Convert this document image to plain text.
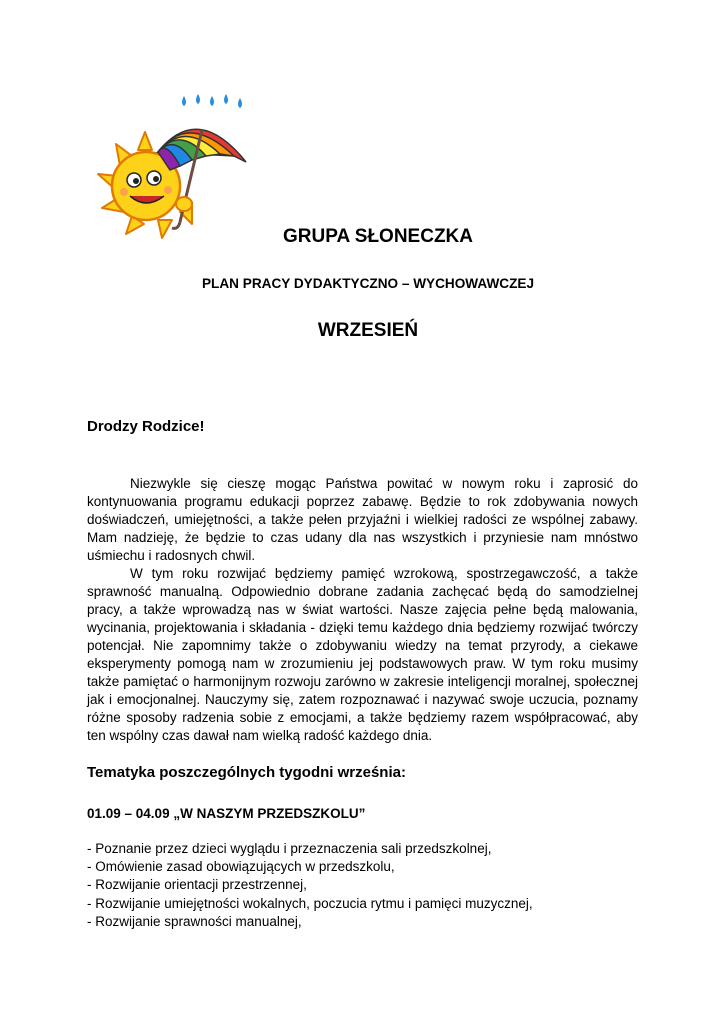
GRUPA SŁONECZKA
PLAN PRACY DYDAKTYCZNO – WYCHOWAWCZEJ
WRZESIEŃ
Drodzy Rodzice!

Niezwykle się cieszę mogąc Państwa powitać w nowym roku i zaprosić do kontynuowania programu edukacji poprzez zabawę. Będzie to rok zdobywania nowych doświadczeń, umiejętności, a także pełen przyjaźni i wielkiej radości ze wspólnej zabawy. Mam nadzieję, że będzie to czas udany dla nas wszystkich i przyniesie nam mnóstwo uśmiechu i radosnych chwil.

W tym roku rozwijać będziemy pamięć wzrokową, spostrzegawczość, a także sprawność manualną. Odpowiednio dobrane zadania zachęcać będą do samodzielnej pracy, a także wprowadzą nas w świat wartości. Nasze zajęcia pełne będą malowania, wycinania, projektowania i składania - dzięki temu każdego dnia będziemy rozwijać twórczy potencjał. Nie zapomnimy także o zdobywaniu wiedzy na temat przyrody, a ciekawe eksperymenty pomogą nam w zrozumieniu jej podstawowych praw. W tym roku musimy także pamiętać o harmonijnym rozwoju zarówno w zakresie inteligencji moralnej, społecznej jak i emocjonalnej. Nauczymy się, zatem rozpoznawać i nazywać swoje uczucia, poznamy różne sposoby radzenia sobie z emocjami, a także będziemy razem współpracować, aby ten wspólny czas dawał nam wielką radość każdego dnia.

Tematyka poszczególnych tygodni września:
01.09 – 04.09 „W NASZYM PRZEDSZKOLU”
- Poznanie przez dzieci wyglądu i przeznaczenia sali przedszkolnej,
- Omówienie zasad obowiązujących w przedszkolu,
- Rozwijanie orientacji przestrzennej,
- Rozwijanie umiejętności wokalnych, poczucia rytmu i pamięci muzycznej,
- Rozwijanie sprawności manualnej,
